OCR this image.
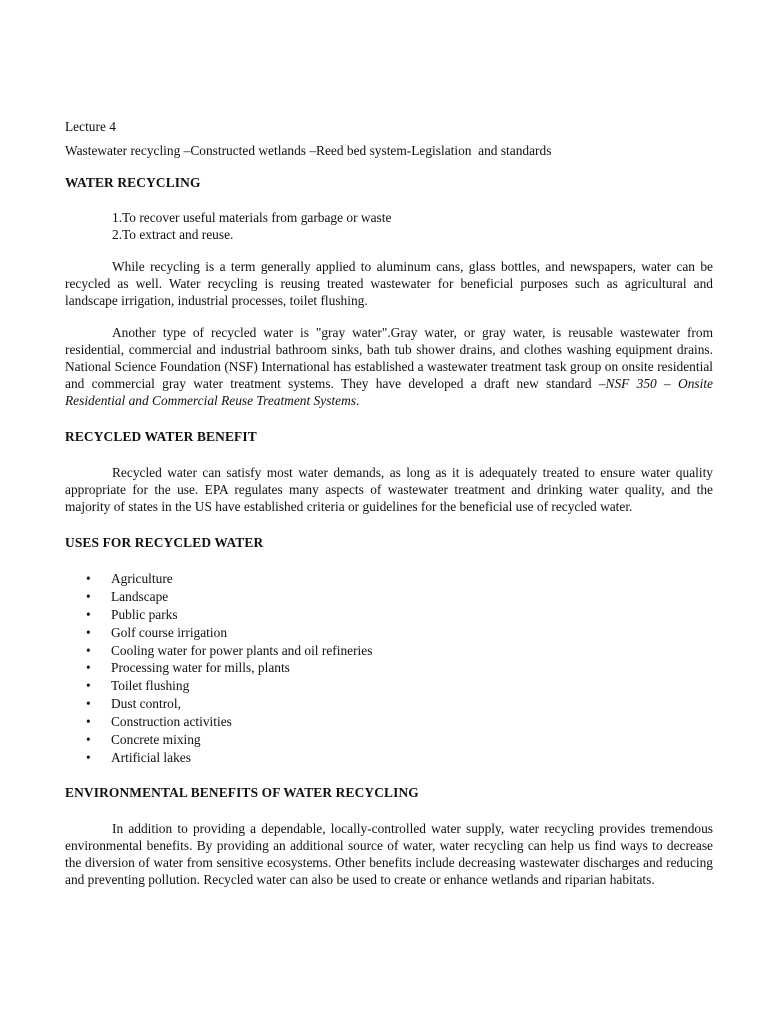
Lecture 4
Wastewater recycling –Constructed wetlands –Reed bed system-Legislation  and standards
WATER RECYCLING
1.To recover useful materials from garbage or waste
2.To extract and reuse.

While recycling is a term generally applied to aluminum cans, glass bottles, and newspapers, water can be recycled as well. Water recycling is reusing treated wastewater for beneficial purposes such as agricultural and landscape irrigation, industrial processes, toilet flushing.

Another type of recycled water is "gray water".Gray water, or gray water, is reusable wastewater from residential, commercial and industrial bathroom sinks, bath tub shower drains, and clothes washing equipment drains. National Science Foundation (NSF) International has established a wastewater treatment task group on onsite residential and commercial gray water treatment systems. They have developed a draft new standard –NSF 350 – Onsite Residential and Commercial Reuse Treatment Systems.

RECYCLED WATER BENEFIT

Recycled water can satisfy most water demands, as long as it is adequately treated to ensure water quality appropriate for the use. EPA regulates many aspects of wastewater treatment and drinking water quality, and the majority of states in the US have established criteria or guidelines for the beneficial use of recycled water.

USES FOR RECYCLED WATER
• Agriculture
• Landscape
• Public parks
• Golf course irrigation
• Cooling water for power plants and oil refineries
• Processing water for mills, plants
• Toilet flushing
• Dust control,
• Construction activities
• Concrete mixing
• Artificial lakes
ENVIRONMENTAL BENEFITS OF WATER RECYCLING

In addition to providing a dependable, locally-controlled water supply, water recycling provides tremendous environmental benefits. By providing an additional source of water, water recycling can help us find ways to decrease the diversion of water from sensitive ecosystems. Other benefits include decreasing wastewater discharges and reducing and preventing pollution. Recycled water can also be used to create or enhance wetlands and riparian habitats.
